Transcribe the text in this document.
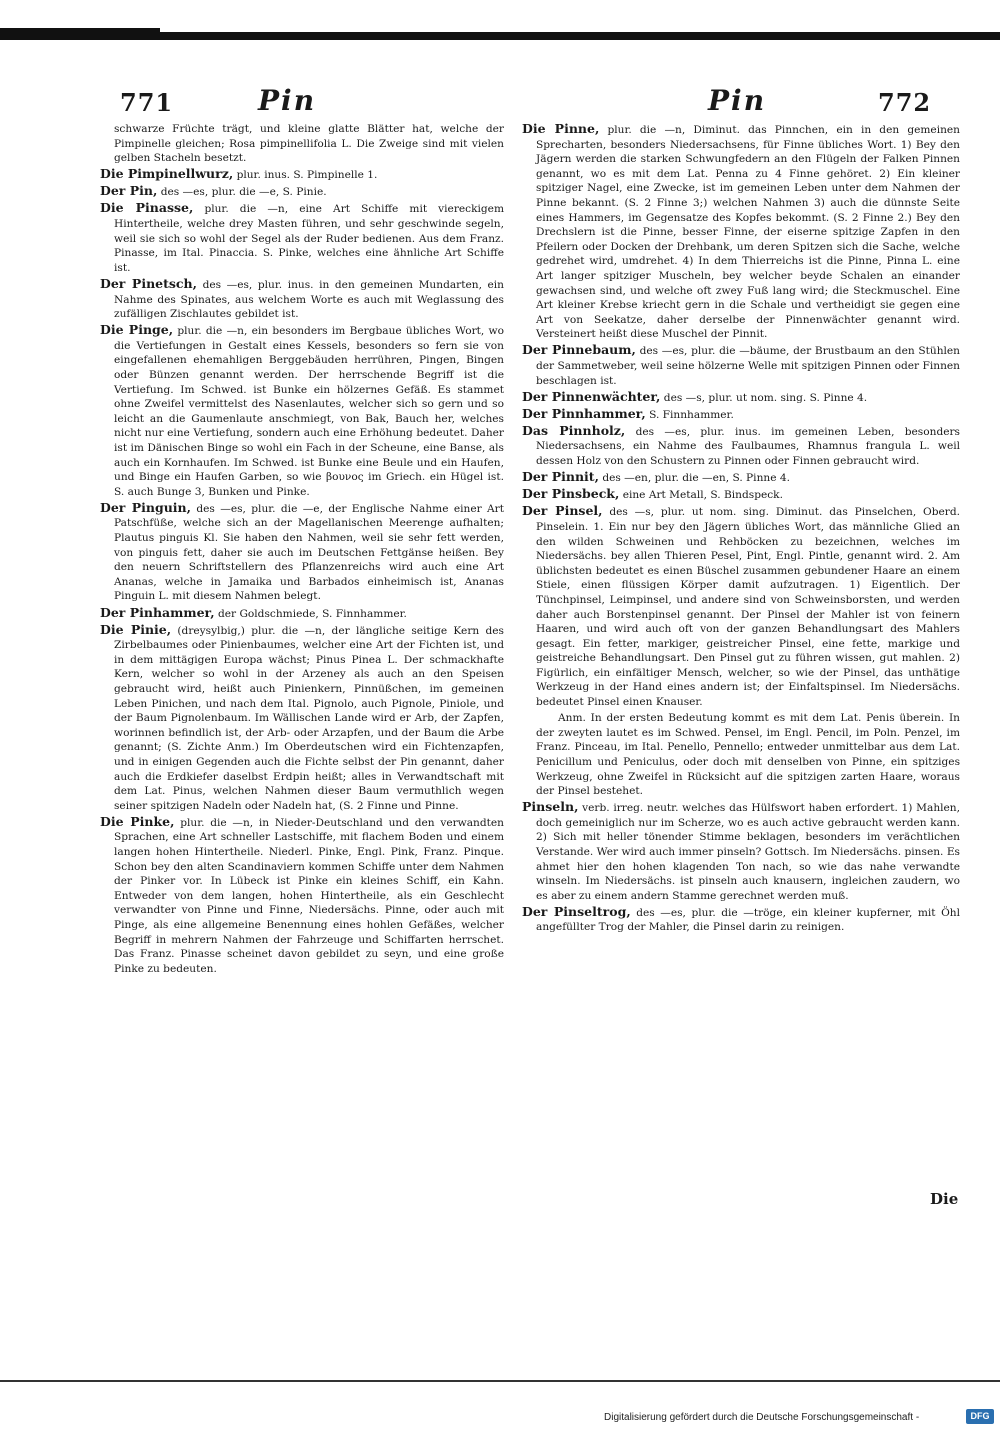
771	Pin	Pin	772

schwarze Früchte trägt, und kleine glatte Blätter hat, welche der Pimpinelle gleichen; Rosa pimpinellifolia L. Die Zweige sind mit vielen gelben Stacheln besetzt.

Die Pimpinellwurz, plur. inus. S. Pimpinelle 1.

Der Pin, des —es, plur. die —e, S. Pinie.

Die Pinasse, plur. die —n, eine Art Schiffe mit viereckigem Hintertheile, welche drey Masten führen, und sehr geschwinde segeln, weil sie sich so wohl der Segel als der Ruder bedienen. Aus dem Franz. Pinasse, im Ital. Pinaccia. S. Pinke, welches eine ähnliche Art Schiffe ist.

Der Pinetsch, des —es, plur. inus. in den gemeinen Mundarten, ein Nahme des Spinates, aus welchem Worte es auch mit Weglassung des zufälligen Zischlautes gebildet ist.

Die Pinge, plur. die —n, ein besonders im Bergbaue übliches Wort, wo die Vertiefungen in Gestalt eines Kessels, besonders so fern sie von eingefallenen ehemahligen Berggebäuden herrühren, Pingen, Bingen oder Bünzen genannt werden. Der herrschende Begriff ist die Vertiefung. Im Schwed. ist Bunke ein hölzernes Gefäß. Es stammet ohne Zweifel vermittelst des Nasenlautes, welcher sich so gern und so leicht an die Gaumenlaute anschmiegt, von Bak, Bauch her, welches nicht nur eine Vertiefung, sondern auch eine Erhöhung bedeutet. Daher ist im Dänischen Binge so wohl ein Fach in der Scheune, eine Banse, als auch ein Kornhaufen. Im Schwed. ist Bunke eine Beule und ein Haufen, und Binge ein Haufen Garben, so wie βουνος im Griech. ein Hügel ist. S. auch Bunge 3, Bunken und Pinke.

Der Pinguin, des —es, plur. die —e, der Englische Nahme einer Art Patschfüße, welche sich an der Magellanischen Meerenge aufhalten; Plautus pinguis Kl. Sie haben den Nahmen, weil sie sehr fett werden, von pinguis fett, daher sie auch im Deutschen Fettgänse heißen. Bey den neuern Schriftstellern des Pflanzenreichs wird auch eine Art Ananas, welche in Jamaika und Barbados einheimisch ist, Ananas Pinguin L. mit diesem Nahmen belegt.

Der Pinhammer, der Goldschmiede, S. Finnhammer.

Die Pinie, (dreysylbig,) plur. die —n, der längliche seitige Kern des Zirbelbaumes oder Pinienbaumes, welcher eine Art der Fichten ist, und in dem mittägigen Europa wächst; Pinus Pinea L. Der schmackhafte Kern, welcher so wohl in der Arzeney als auch an den Speisen gebraucht wird, heißt auch Pinienkern, Pinnüßchen, im gemeinen Leben Pinichen, und nach dem Ital. Pignolo, auch Pignole, Piniole, und der Baum Pignolenbaum. Im Wällischen Lande wird er Arb, der Zapfen, worinnen befindlich ist, der Arb- oder Arzapfen, und der Baum die Arbe genannt; (S. Zichte Anm.) Im Oberdeutschen wird ein Fichtenzapfen, und in einigen Gegenden auch die Fichte selbst der Pin genannt, daher auch die Erdkiefer daselbst Erdpin heißt; alles in Verwandtschaft mit dem Lat. Pinus, welchen Nahmen dieser Baum vermuthlich wegen seiner spitzigen Nadeln oder Nadeln hat, (S. 2 Finne und Pinne.

Die Pinke, plur. die —n, in Nieder-Deutschland und den verwandten Sprachen, eine Art schneller Lastschiffe, mit flachem Boden und einem langen hohen Hintertheile. Niederl. Pinke, Engl. Pink, Franz. Pinque. Schon bey den alten Scandinaviern kommen Schiffe unter dem Nahmen der Pinker vor. In Lübeck ist Pinke ein kleines Schiff, ein Kahn. Entweder von dem langen, hohen Hintertheile, als ein Geschlecht verwandter von Pinne und Finne, Niedersächs. Pinne, oder auch mit Pinge, als eine allgemeine Benennung eines hohlen Gefäßes, welcher Begriff in mehrern Nahmen der Fahrzeuge und Schiffarten herrschet. Das Franz. Pinasse scheinet davon gebildet zu seyn, und eine große Pinke zu bedeuten.

Die Pinne, plur. die —n, Diminut. das Pinnchen, ein in den gemeinen Sprecharten, besonders Niedersachsens, für Finne übliches Wort. 1) Bey den Jägern werden die starken Schwungfedern an den Flügeln der Falken Pinnen genannt, wo es mit dem Lat. Penna zu 4 Finne gehöret. 2) Ein kleiner spitziger Nagel, eine Zwecke, ist im gemeinen Leben unter dem Nahmen der Pinne bekannt. (S. 2 Finne 3;) welchen Nahmen 3) auch die dünnste Seite eines Hammers, im Gegensatze des Kopfes bekommt. (S. 2 Finne 2.) Bey den Drechslern ist die Pinne, besser Finne, der eiserne spitzige Zapfen in den Pfeilern oder Docken der Drehbank, um deren Spitzen sich die Sache, welche gedrehet wird, umdrehet. 4) In dem Thierreichs ist die Pinne, Pinna L. eine Art langer spitziger Muscheln, bey welcher beyde Schalen an einander gewachsen sind, und welche oft zwey Fuß lang wird; die Steckmuschel. Eine Art kleiner Krebse kriecht gern in die Schale und vertheidigt sie gegen eine Art von Seekatze, daher derselbe der Pinnenwächter genannt wird. Versteinert heißt diese Muschel der Pinnit.

Der Pinnebaum, des —es, plur. die —bäume, der Brustbaum an den Stühlen der Sammetweber, weil seine hölzerne Welle mit spitzigen Pinnen oder Finnen beschlagen ist.

Der Pinnenwächter, des —s, plur. ut nom. sing. S. Pinne 4.

Der Pinnhammer, S. Finnhammer.

Das Pinnholz, des —es, plur. inus. im gemeinen Leben, besonders Niedersachsens, ein Nahme des Faulbaumes, Rhamnus frangula L. weil dessen Holz von den Schustern zu Pinnen oder Finnen gebraucht wird.

Der Pinnit, des —en, plur. die —en, S. Pinne 4.

Der Pinsbeck, eine Art Metall, S. Bindspeck.

Der Pinsel, des —s, plur. ut nom. sing. Diminut. das Pinselchen, Oberd. Pinselein. 1. Ein nur bey den Jägern übliches Wort, das männliche Glied an den wilden Schweinen und Rehböcken zu bezeichnen, welches im Niedersächs. bey allen Thieren Pesel, Pint, Engl. Pintle, genannt wird. 2. Am üblichsten bedeutet es einen Büschel zusammen gebundener Haare an einem Stiele, einen flüssigen Körper damit aufzutragen. 1) Eigentlich. Der Tünchpinsel, Leimpinsel, und andere sind von Schweinsborsten, und werden daher auch Borstenpinsel genannt. Der Pinsel der Mahler ist von feinern Haaren, und wird auch oft von der ganzen Behandlungsart des Mahlers gesagt. Ein fetter, markiger, geistreicher Pinsel, eine fette, markige und geistreiche Behandlungsart. Den Pinsel gut zu führen wissen, gut mahlen. 2) Figürlich, ein einfältiger Mensch, welcher, so wie der Pinsel, das unthätige Werkzeug in der Hand eines andern ist; der Einfaltspinsel. Im Niedersächs. bedeutet Pinsel einen Knauser.

Anm. In der ersten Bedeutung kommt es mit dem Lat. Penis überein. In der zweyten lautet es im Schwed. Pensel, im Engl. Pencil, im Poln. Penzel, im Franz. Pinceau, im Ital. Penello, Pennello; entweder unmittelbar aus dem Lat. Penicillum und Peniculus, oder doch mit denselben von Pinne, ein spitziges Werkzeug, ohne Zweifel in Rücksicht auf die spitzigen zarten Haare, woraus der Pinsel bestehet.

Pinseln, verb. irreg. neutr. welches das Hülfswort haben erfordert. 1) Mahlen, doch gemeiniglich nur im Scherze, wo es auch active gebraucht werden kann. 2) Sich mit heller tönender Stimme beklagen, besonders im verächtlichen Verstande. Wer wird auch immer pinseln? Gottsch. Im Niedersächs. pinsen. Es ahmet hier den hohen klagenden Ton nach, so wie das nahe verwandte winseln. Im Niedersächs. ist pinseln auch knausern, ingleichen zaudern, wo es aber zu einem andern Stamme gerechnet werden muß.

Der Pinseltrog, des —es, plur. die —tröge, ein kleiner kupferner, mit Öhl angefüllter Trog der Mahler, die Pinsel darin zu reinigen.

Die
Digitalisierung gefördert durch die Deutsche Forschungsgemeinschaft -	DFG
